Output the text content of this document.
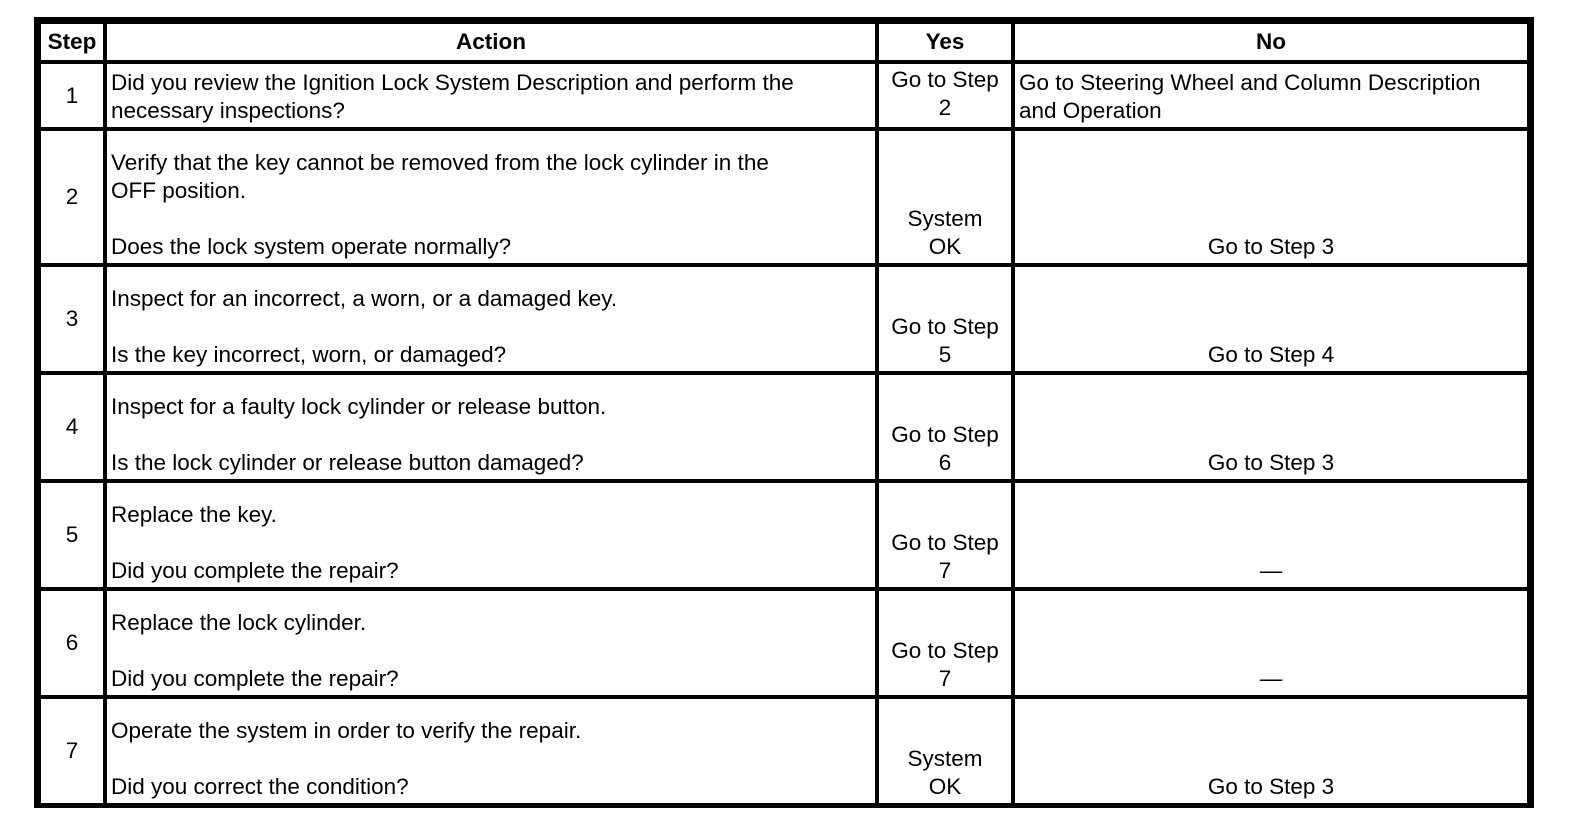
Step	Action	Yes	No
1	Did you review the Ignition Lock System Description and perform the
necessary inspections?	Go to Step
2	Go to Steering Wheel and Column Description
and Operation

2	Verify that the key cannot be removed from the lock cylinder in the
OFF position.
Does the lock system operate normally?	System
OK	Go to Step 3

3	Inspect for an incorrect, a worn, or a damaged key.
Is the key incorrect, worn, or damaged?	Go to Step
5	Go to Step 4

4	Inspect for a faulty lock cylinder or release button.
Is the lock cylinder or release button damaged?	Go to Step
6	Go to Step 3

5	Replace the key.
Did you complete the repair?	Go to Step
7	—

6	Replace the lock cylinder.
Did you complete the repair?	Go to Step
7	—

7	Operate the system in order to verify the repair.
Did you correct the condition?	System
OK	Go to Step 3
